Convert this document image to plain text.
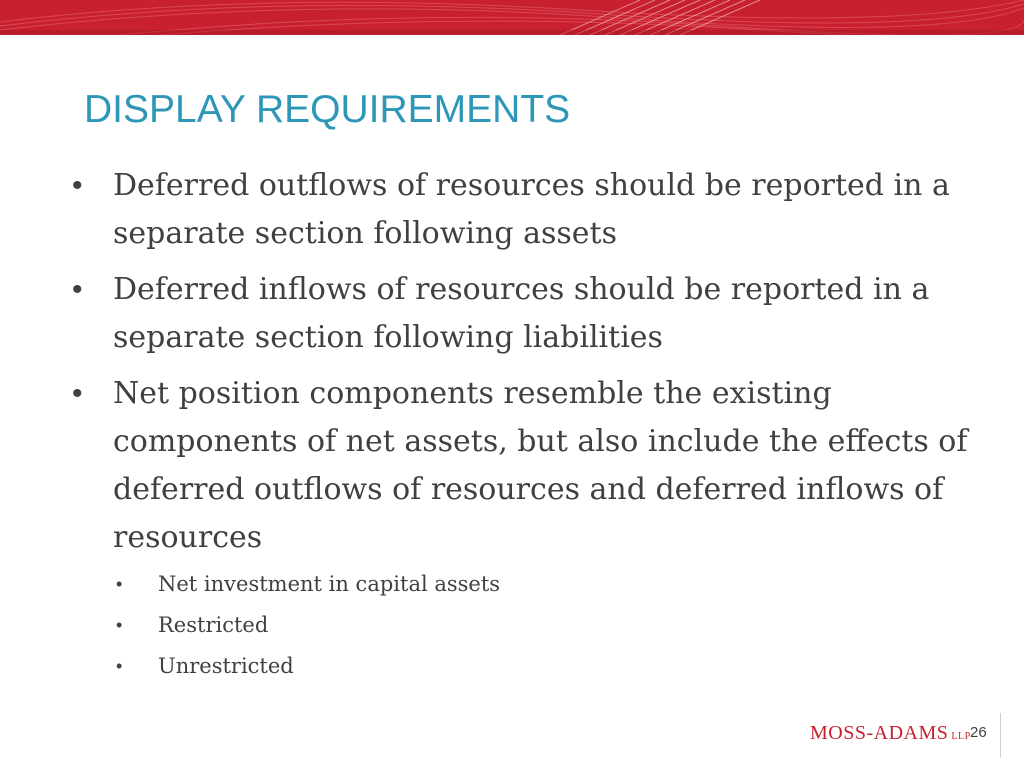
DISPLAY REQUIREMENTS
• Deferred outflows of resources should be reported in a separate section following assets
• Deferred inflows of resources should be reported in a separate section following liabilities
• Net position components resemble the existing components of net assets, but also include the effects of deferred outflows of resources and deferred inflows of resources
• Net investment in capital assets
• Restricted
• Unrestricted
MOSS-ADAMS LLP 26
